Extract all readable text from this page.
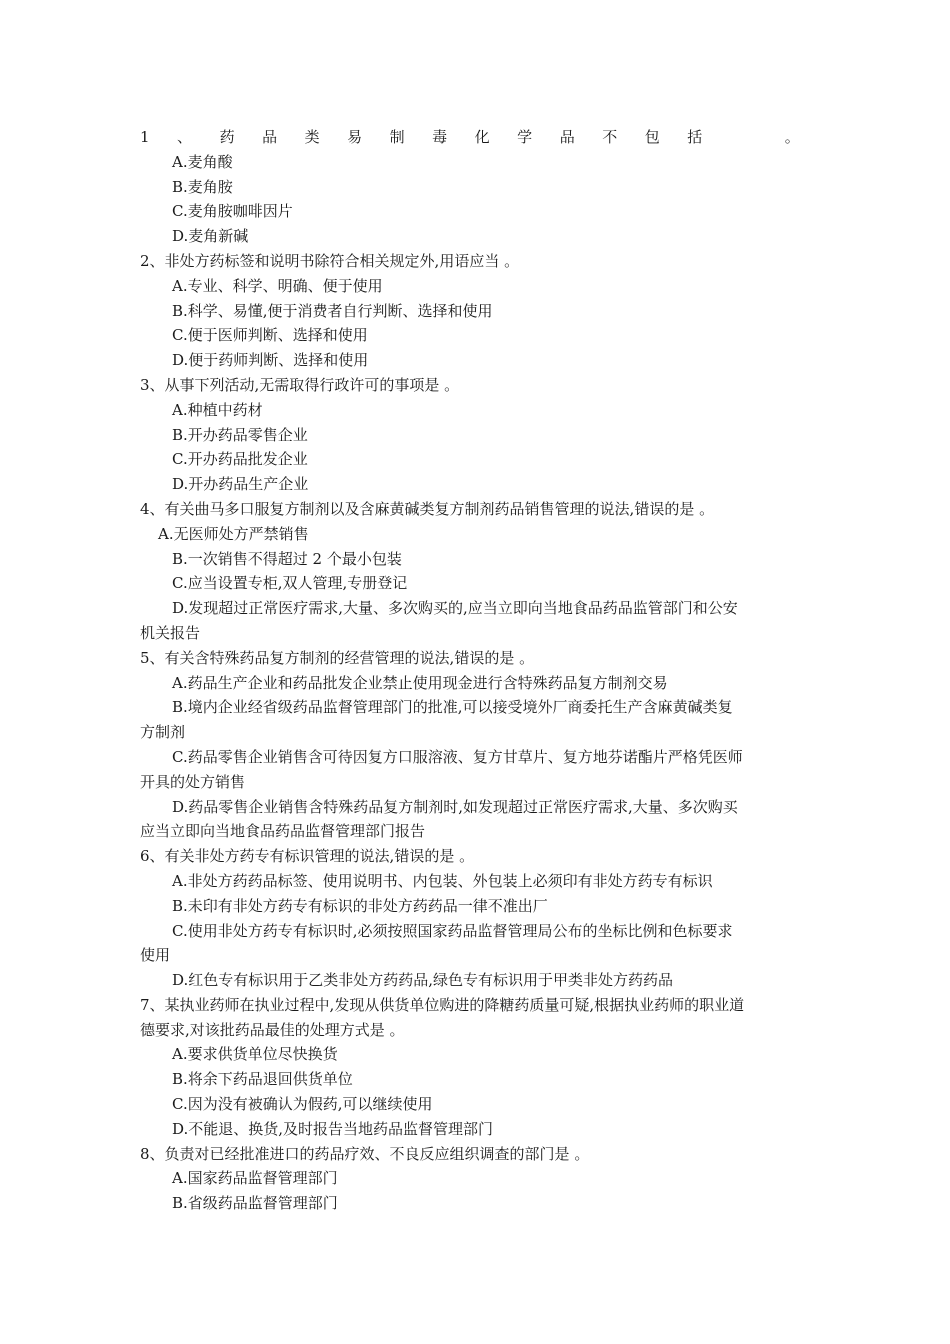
1 、 药 品 类 易 制 毒 化 学 品 不 包 括	。
A.麦角酸
B.麦角胺
C.麦角胺咖啡因片
D.麦角新碱
2、非处方药标签和说明书除符合相关规定外,用语应当 。
A.专业、科学、明确、便于使用
B.科学、易懂,便于消费者自行判断、选择和使用
C.便于医师判断、选择和使用
D.便于药师判断、选择和使用
3、从事下列活动,无需取得行政许可的事项是 。
A.种植中药材
B.开办药品零售企业
C.开办药品批发企业
D.开办药品生产企业
4、有关曲马多口服复方制剂以及含麻黄碱类复方制剂药品销售管理的说法,错误的是 。
A.无医师处方严禁销售
B.一次销售不得超过 2 个最小包装
C.应当设置专柜,双人管理,专册登记
D.发现超过正常医疗需求,大量、多次购买的,应当立即向当地食品药品监管部门和公安
机关报告
5、有关含特殊药品复方制剂的经营管理的说法,错误的是 。
A.药品生产企业和药品批发企业禁止使用现金进行含特殊药品复方制剂交易
B.境内企业经省级药品监督管理部门的批准,可以接受境外厂商委托生产含麻黄碱类复
方制剂
C.药品零售企业销售含可待因复方口服溶液、复方甘草片、复方地芬诺酯片严格凭医师
开具的处方销售
D.药品零售企业销售含特殊药品复方制剂时,如发现超过正常医疗需求,大量、多次购买
应当立即向当地食品药品监督管理部门报告
6、有关非处方药专有标识管理的说法,错误的是 。
A.非处方药药品标签、使用说明书、内包装、外包装上必须印有非处方药专有标识
B.未印有非处方药专有标识的非处方药药品一律不准出厂
C.使用非处方药专有标识时,必须按照国家药品监督管理局公布的坐标比例和色标要求
使用
D.红色专有标识用于乙类非处方药药品,绿色专有标识用于甲类非处方药药品
7、某执业药师在执业过程中,发现从供货单位购进的降糖药质量可疑,根据执业药师的职业道
德要求,对该批药品最佳的处理方式是 。
A.要求供货单位尽快换货
B.将余下药品退回供货单位
C.因为没有被确认为假药,可以继续使用
D.不能退、换货,及时报告当地药品监督管理部门
8、负责对已经批准进口的药品疗效、不良反应组织调查的部门是 。
A.国家药品监督管理部门
B.省级药品监督管理部门
